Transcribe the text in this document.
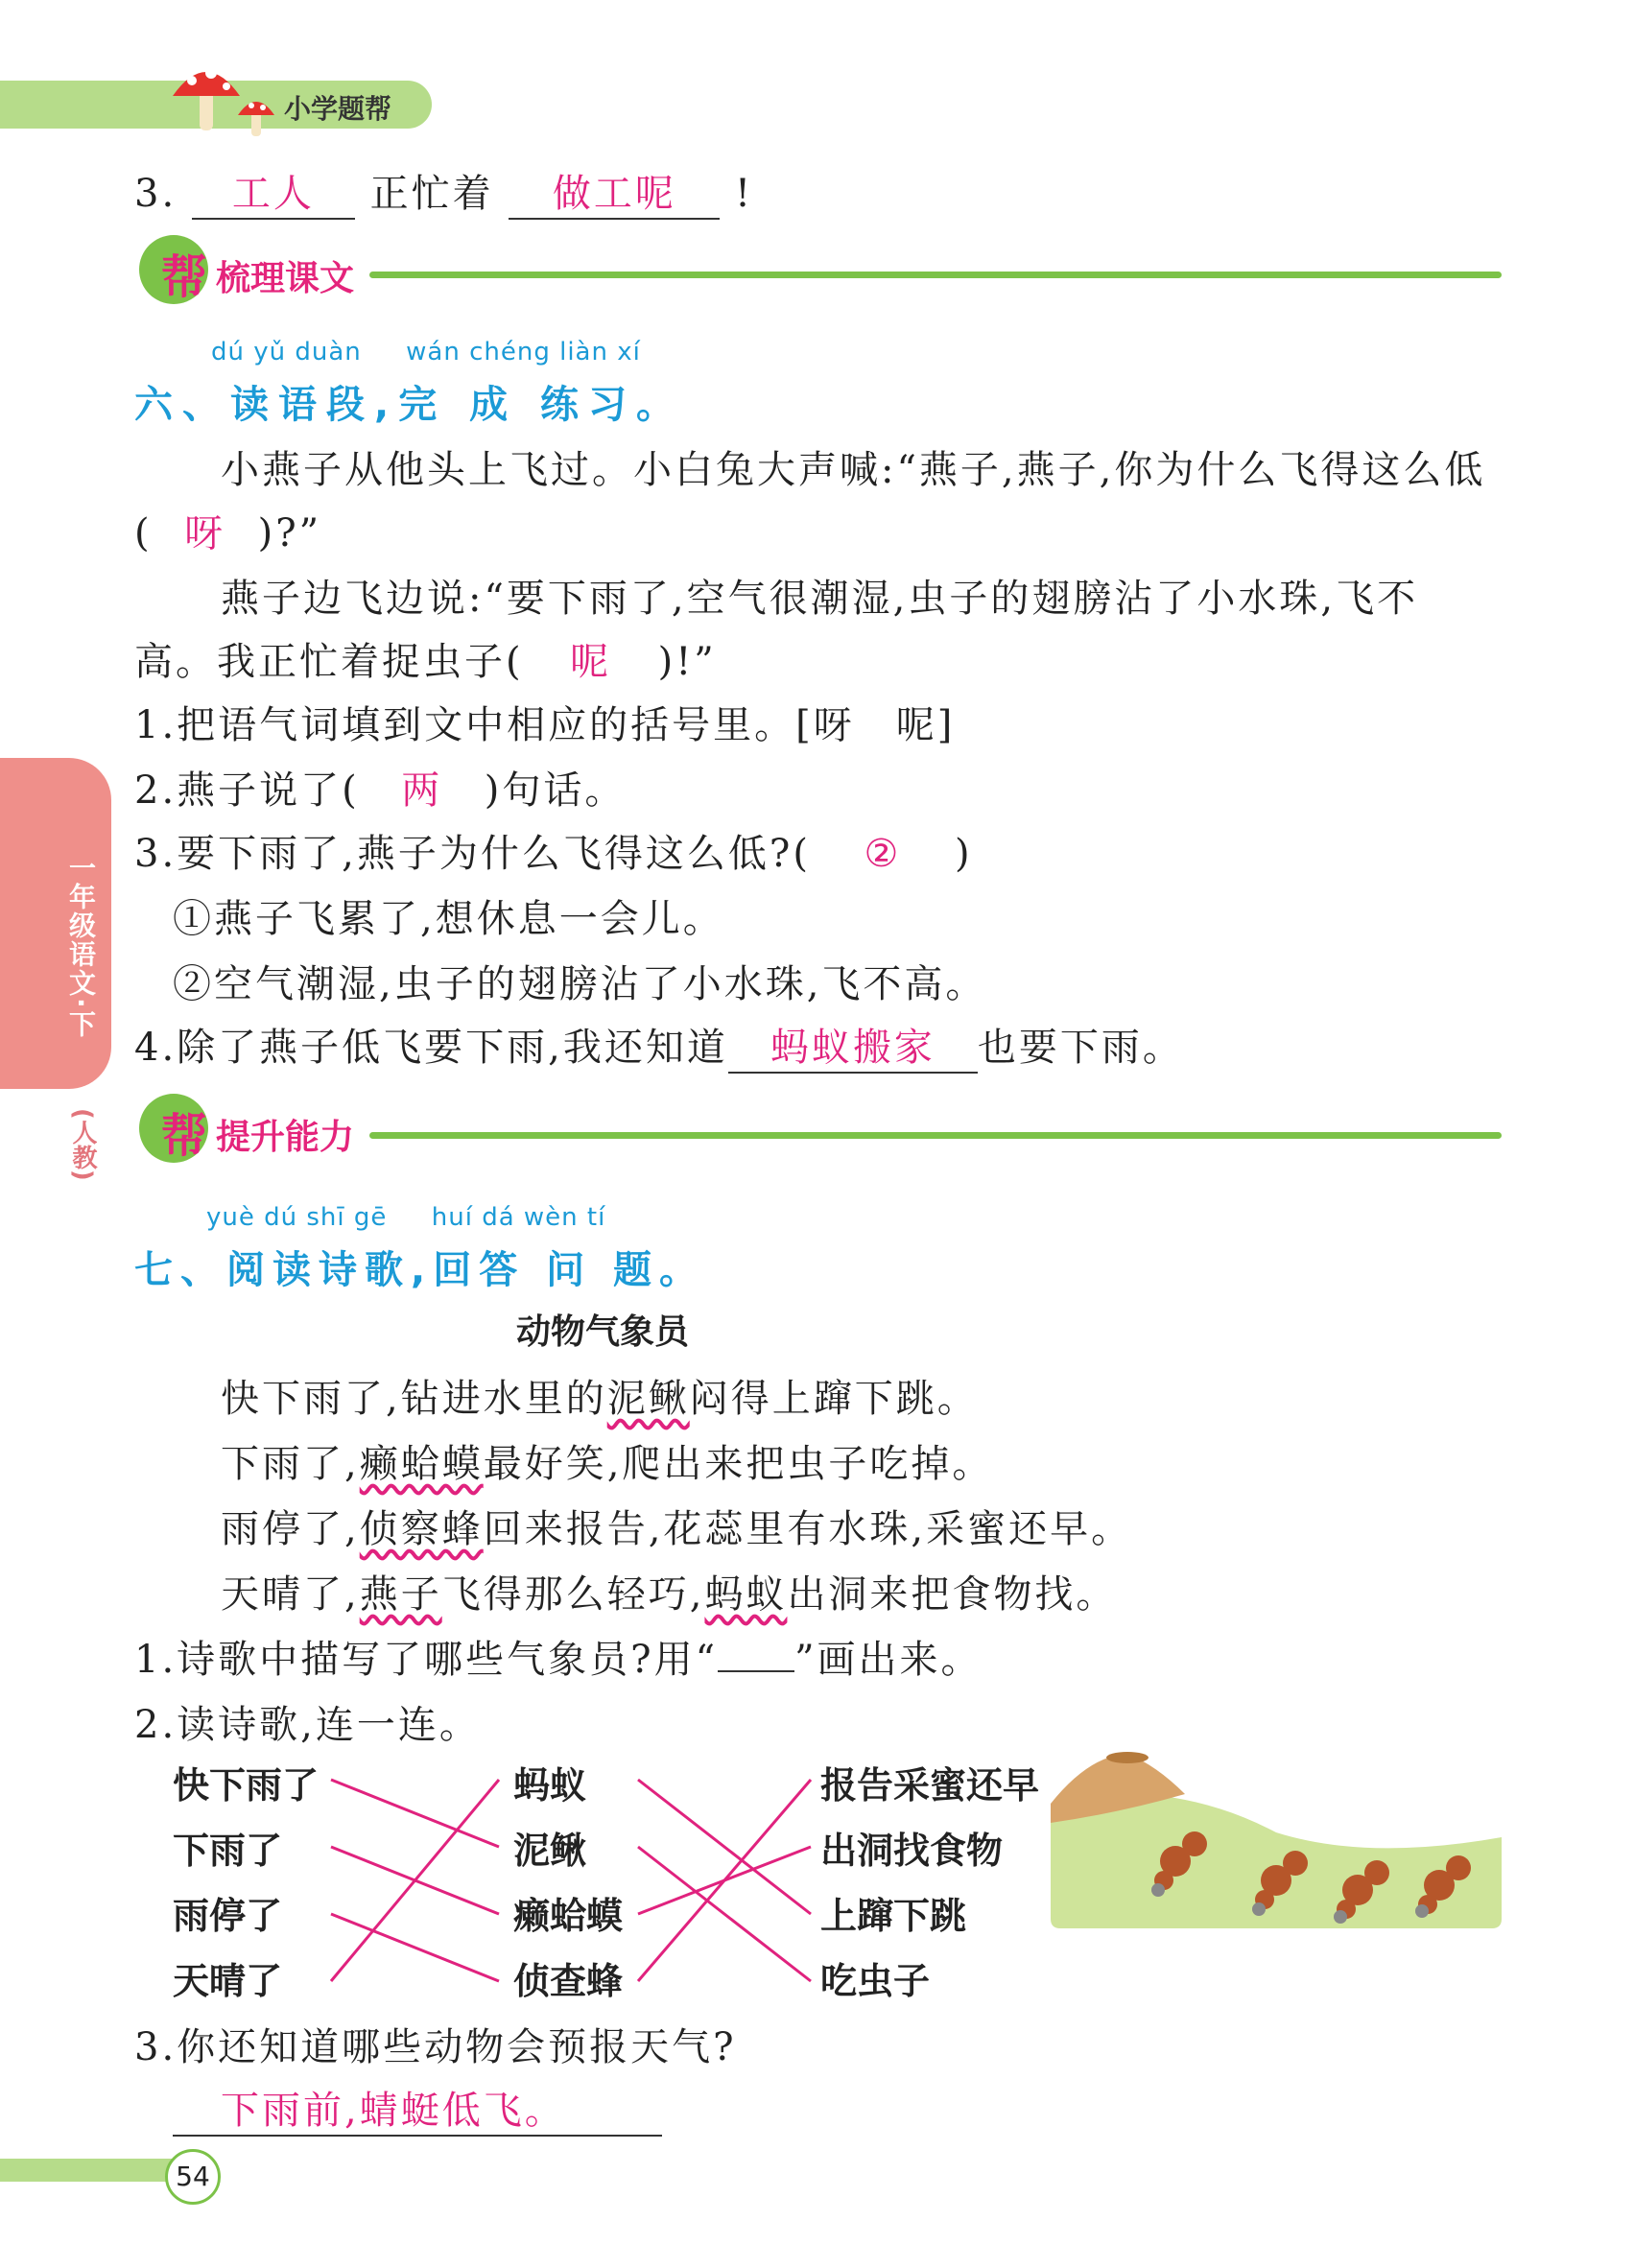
小学题帮
3. 工人 正忙着 做工呢 !
帮 梳理课文
dú yǔ duàn wán chéng liàn xí
六、读语段,完 成 练习。
小燕子从他头上飞过。小白兔大声喊:“燕子,燕子,你为什么飞得这么低
( 呀 )?”
燕子边飞边说:“要下雨了,空气很潮湿,虫子的翅膀沾了小水珠,飞不
高。我正忙着捉虫子( 呢 )!”
1.把语气词填到文中相应的括号里。[呀　呢]
2.燕子说了( 两 )句话。
3.要下雨了,燕子为什么飞得这么低?( ② )
①燕子飞累了,想休息一会儿。
②空气潮湿,虫子的翅膀沾了小水珠,飞不高。
4.除了燕子低飞要下雨,我还知道 蚂蚁搬家 也要下雨。
帮 提升能力
yuè dú shī gē huí dá wèn tí
七、阅读诗歌,回答 问 题。
动物气象员
快下雨了,钻进水里的泥鳅闷得上蹿下跳。
下雨了,癞蛤蟆最好笑,爬出来把虫子吃掉。
雨停了,侦察蜂回来报告,花蕊里有水珠,采蜜还早。
天晴了,燕子飞得那么轻巧,蚂蚁出洞来把食物找。
1.诗歌中描写了哪些气象员?用“ ”画出来。
2.读诗歌,连一连。
快下雨了
下雨了
雨停了
天晴了
蚂蚁
泥鳅
癞蛤蟆
侦查蜂
报告采蜜还早
出洞找食物
上蹿下跳
吃虫子
3.你还知道哪些动物会预报天气?
下雨前,蜻蜓低飞。
一年级语文·下
(人教)
54
